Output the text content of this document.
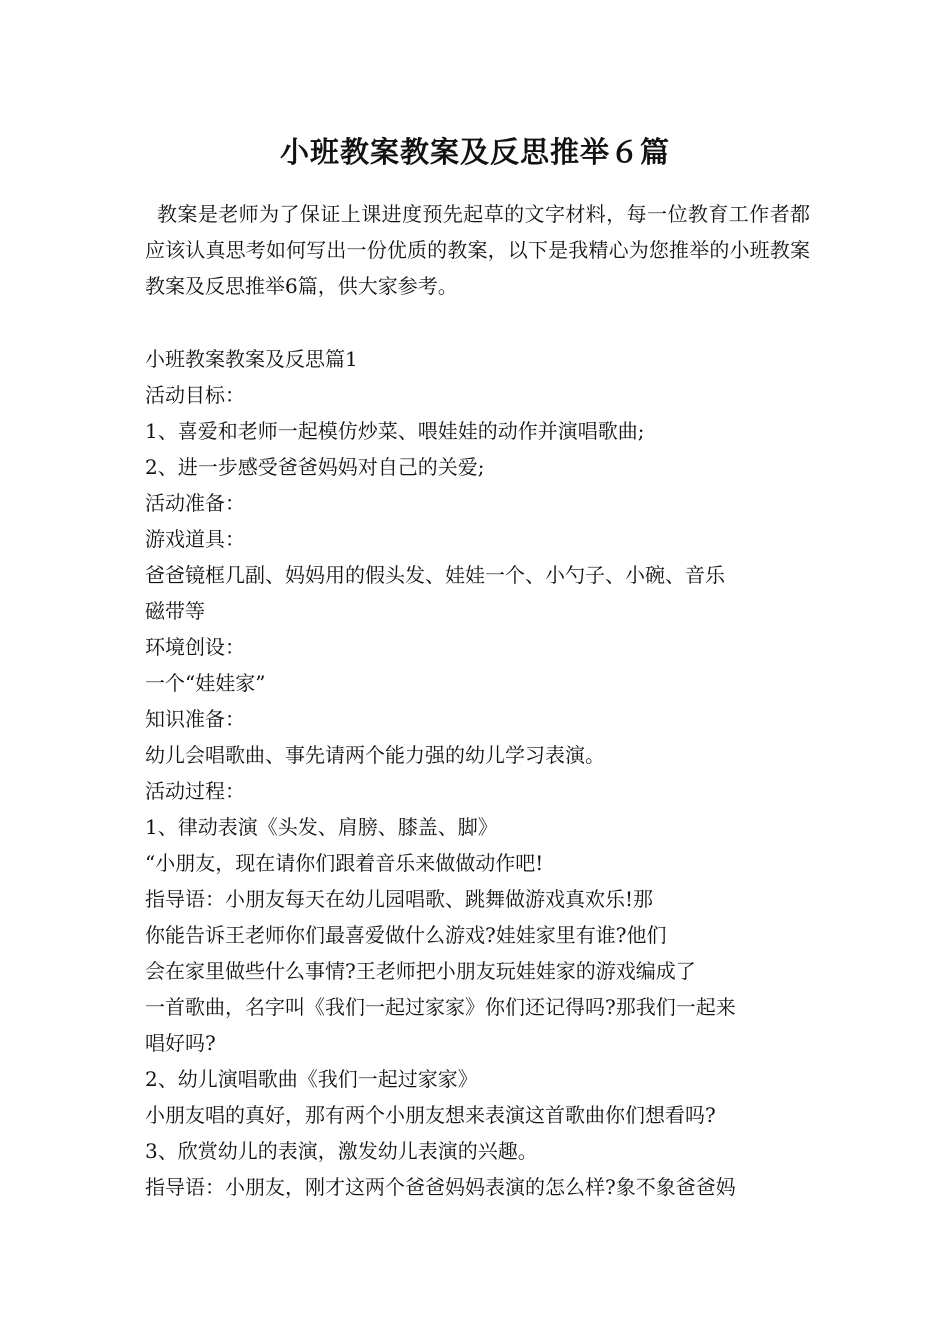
小班教案教案及反思推举６篇

教案是老师为了保证上课进度预先起草的文字材料，每一位教育工作者都应该认真思考如何写出一份优质的教案，以下是我精心为您推举的小班教案教案及反思推举6篇，供大家参考。

小班教案教案及反思篇1
活动目标：
1、喜爱和老师一起模仿炒菜、喂娃娃的动作并演唱歌曲;
2、进一步感受爸爸妈妈对自己的关爱;
活动准备：
游戏道具：
爸爸镜框几副、妈妈用的假头发、娃娃一个、小勺子、小碗、音乐
磁带等
环境创设：
一个“娃娃家”
知识准备：
幼儿会唱歌曲、事先请两个能力强的幼儿学习表演。
活动过程：
1、律动表演《头发、肩膀、膝盖、脚》
“小朋友，现在请你们跟着音乐来做做动作吧!
指导语：小朋友每天在幼儿园唱歌、跳舞做游戏真欢乐!那
你能告诉王老师你们最喜爱做什么游戏?娃娃家里有谁?他们
会在家里做些什么事情?王老师把小朋友玩娃娃家的游戏编成了
一首歌曲，名字叫《我们一起过家家》你们还记得吗?那我们一起来
唱好吗?
2、幼儿演唱歌曲《我们一起过家家》
小朋友唱的真好，那有两个小朋友想来表演这首歌曲你们想看吗?
3、欣赏幼儿的表演，激发幼儿表演的兴趣。
指导语：小朋友，刚才这两个爸爸妈妈表演的怎么样?象不象爸爸妈
